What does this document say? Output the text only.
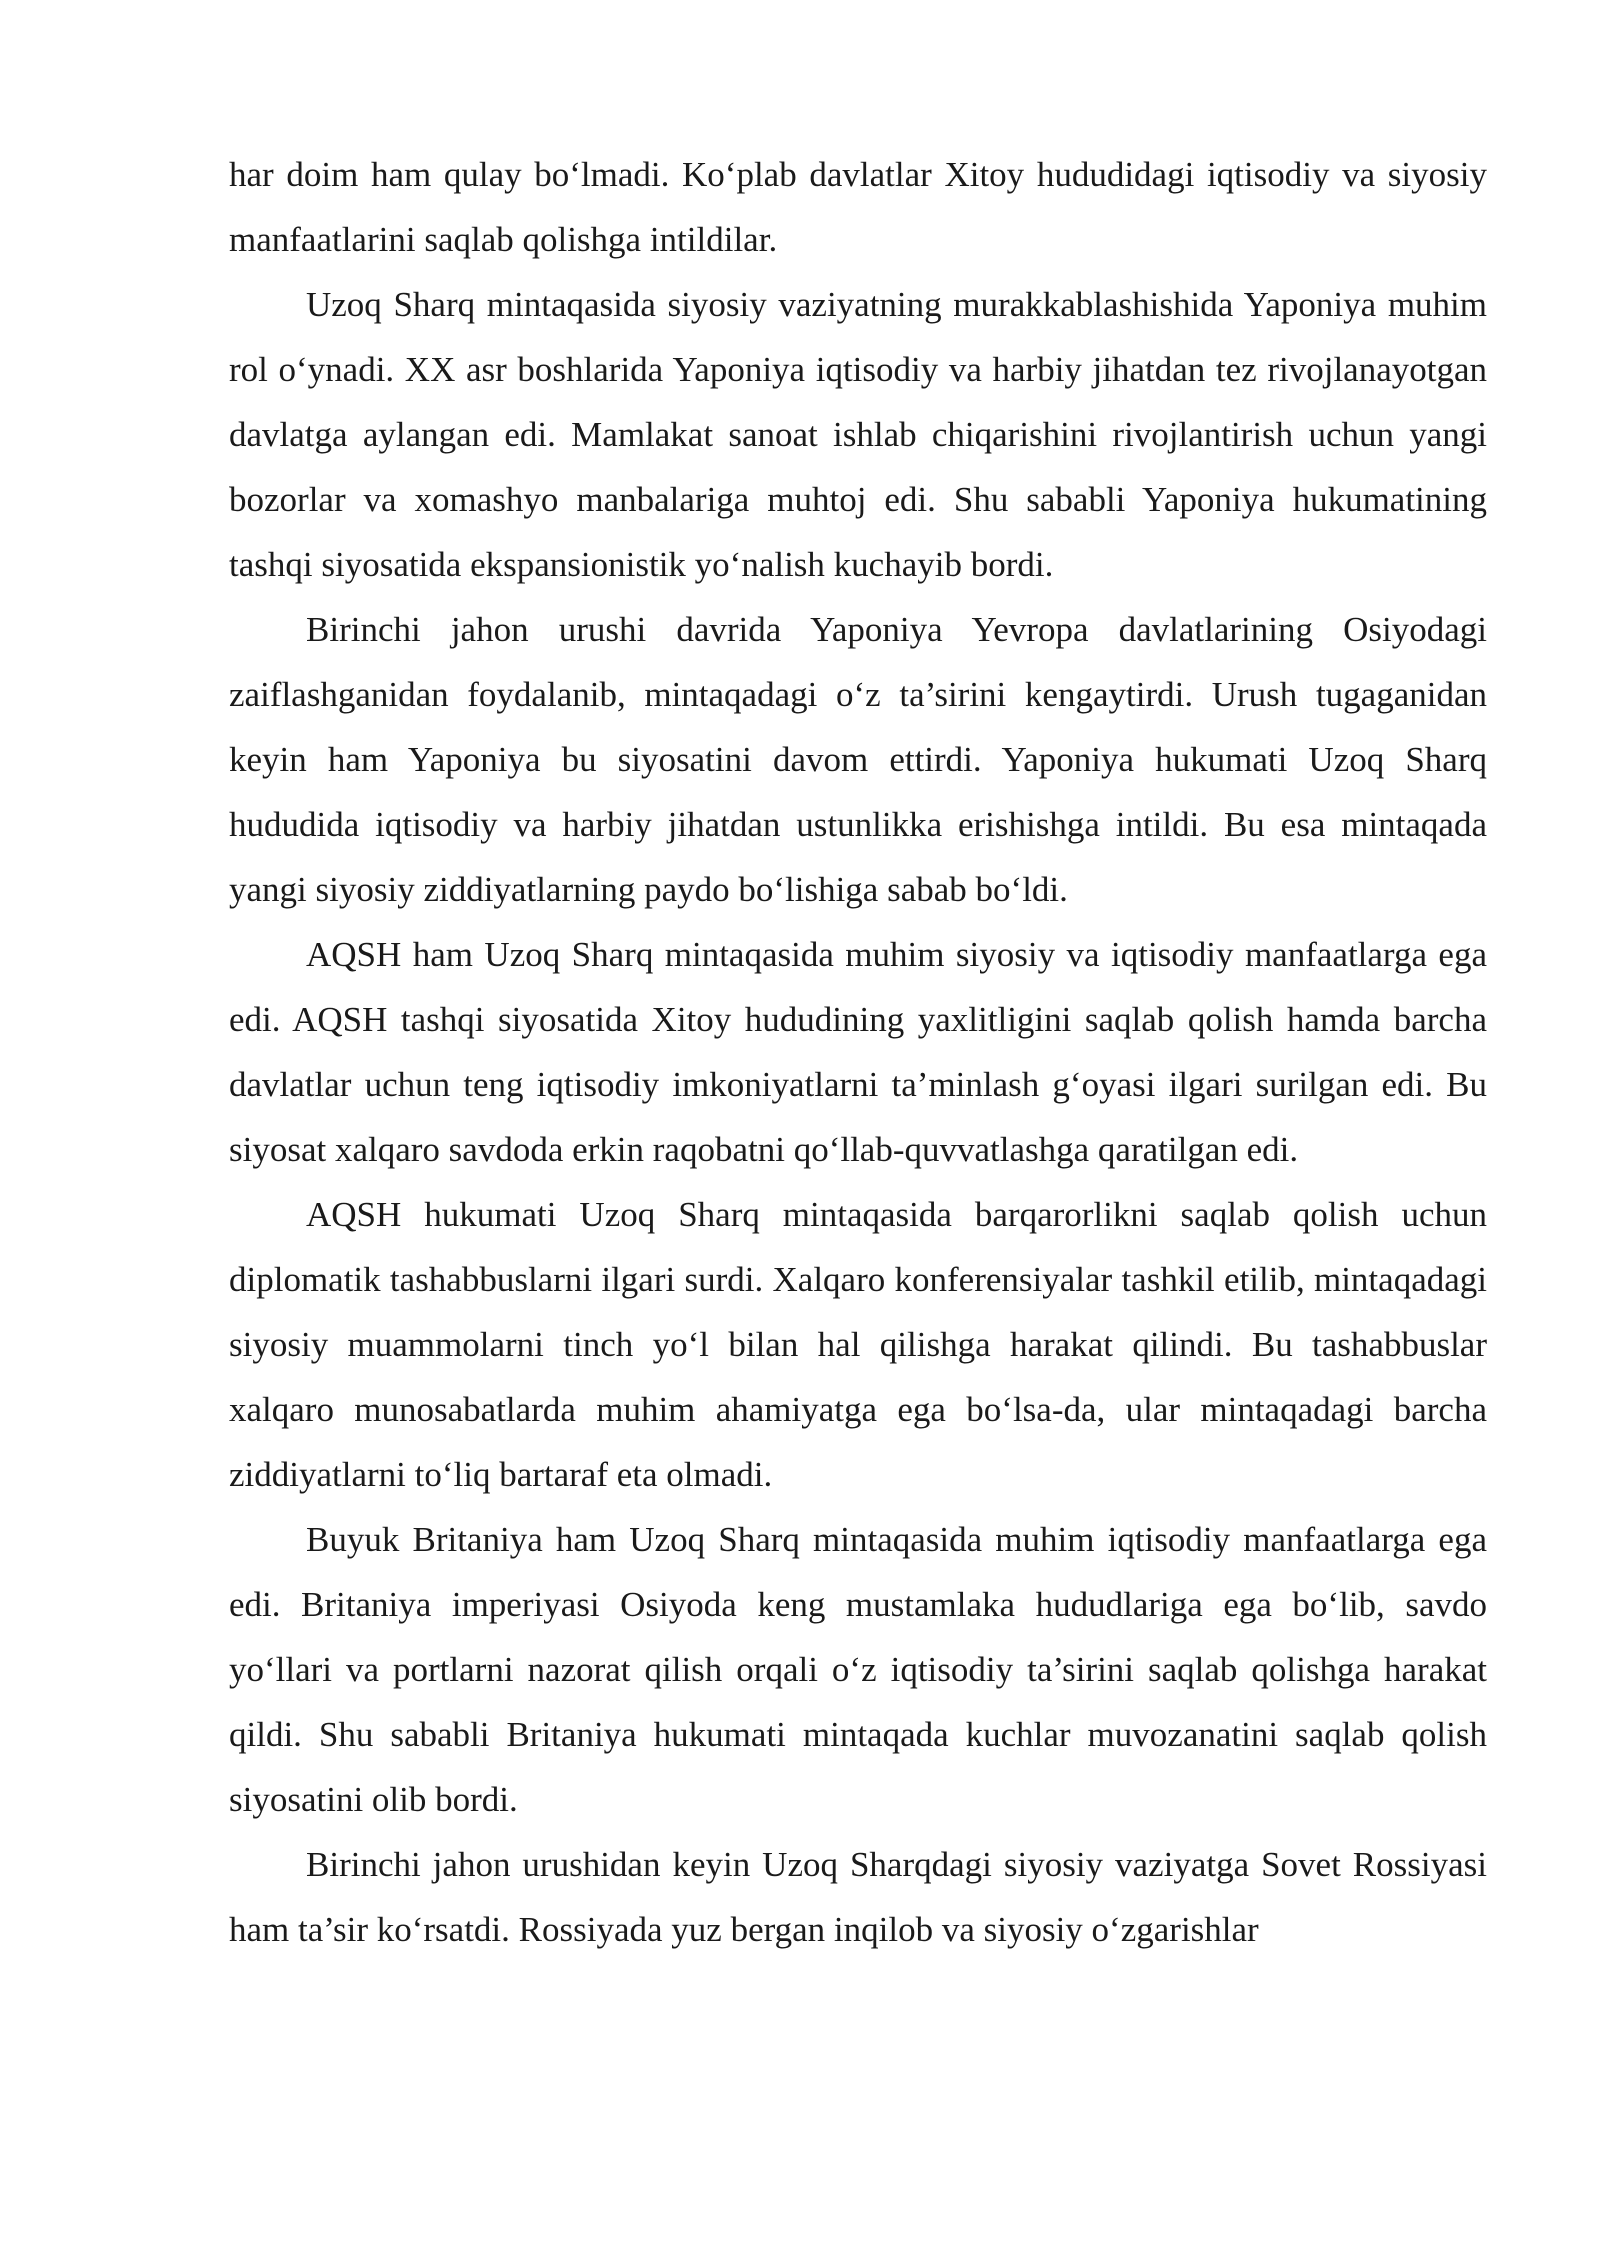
har doim ham qulay bo‘lmadi. Ko‘plab davlatlar Xitoy hududidagi iqtisodiy va siyosiy manfaatlarini saqlab qolishga intildilar.

Uzoq Sharq mintaqasida siyosiy vaziyatning murakkablashishida Yaponiya muhim rol o‘ynadi. XX asr boshlarida Yaponiya iqtisodiy va harbiy jihatdan tez rivojlanayotgan davlatga aylangan edi. Mamlakat sanoat ishlab chiqarishini rivojlantirish uchun yangi bozorlar va xomashyo manbalariga muhtoj edi. Shu sababli Yaponiya hukumatining tashqi siyosatida ekspansionistik yo‘nalish kuchayib bordi.

Birinchi jahon urushi davrida Yaponiya Yevropa davlatlarining Osiyodagi zaiflashganidan foydalanib, mintaqadagi o‘z ta’sirini kengaytirdi. Urush tugaganidan keyin ham Yaponiya bu siyosatini davom ettirdi. Yaponiya hukumati Uzoq Sharq hududida iqtisodiy va harbiy jihatdan ustunlikka erishishga intildi. Bu esa mintaqada yangi siyosiy ziddiyatlarning paydo bo‘lishiga sabab bo‘ldi.

AQSH ham Uzoq Sharq mintaqasida muhim siyosiy va iqtisodiy manfaatlarga ega edi. AQSH tashqi siyosatida Xitoy hududining yaxlitligini saqlab qolish hamda barcha davlatlar uchun teng iqtisodiy imkoniyatlarni ta’minlash g‘oyasi ilgari surilgan edi. Bu siyosat xalqaro savdoda erkin raqobatni qo‘llab-quvvatlashga qaratilgan edi.

AQSH hukumati Uzoq Sharq mintaqasida barqarorlikni saqlab qolish uchun diplomatik tashabbuslarni ilgari surdi. Xalqaro konferensiyalar tashkil etilib, mintaqadagi siyosiy muammolarni tinch yo‘l bilan hal qilishga harakat qilindi. Bu tashabbuslar xalqaro munosabatlarda muhim ahamiyatga ega bo‘lsa-da, ular mintaqadagi barcha ziddiyatlarni to‘liq bartaraf eta olmadi.

Buyuk Britaniya ham Uzoq Sharq mintaqasida muhim iqtisodiy manfaatlarga ega edi. Britaniya imperiyasi Osiyoda keng mustamlaka hududlariga ega bo‘lib, savdo yo‘llari va portlarni nazorat qilish orqali o‘z iqtisodiy ta’sirini saqlab qolishga harakat qildi. Shu sababli Britaniya hukumati mintaqada kuchlar muvozanatini saqlab qolish siyosatini olib bordi.

Birinchi jahon urushidan keyin Uzoq Sharqdagi siyosiy vaziyatga Sovet Rossiyasi ham ta’sir ko‘rsatdi. Rossiyada yuz bergan inqilob va siyosiy o‘zgarishlar
